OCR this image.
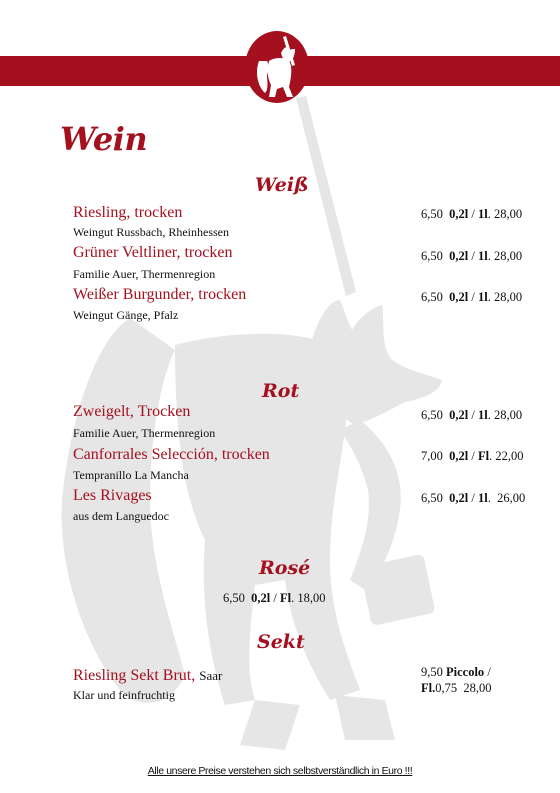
Wein
Weiß
Riesling, trocken
Weingut Russbach, Rheinhessen
6,50 0,2l / 1l. 28,00
Grüner Veltliner, trocken
Familie Auer, Thermenregion
6,50 0,2l / 1l. 28,00
Weißer Burgunder, trocken
Weingut Gänge, Pfalz
6,50 0,2l / 1l. 28,00
Rot
Zweigelt, Trocken
Familie Auer, Thermenregion
6,50 0,2l / 1l. 28,00
Canforrales Selección, trocken
Tempranillo La Mancha
7,00 0,2l / Fl. 22,00
Les Rivages
aus dem Languedoc
6,50 0,2l / 1l.  26,00
Rosé
6,50 0,2l / Fl. 18,00
Sekt
Riesling Sekt Brut, Saar
Klar und feinfruchtig
9,50 Piccolo /
Fl.0,75 28,00
Alle unsere Preise verstehen sich selbstverständlich in Euro !!!
